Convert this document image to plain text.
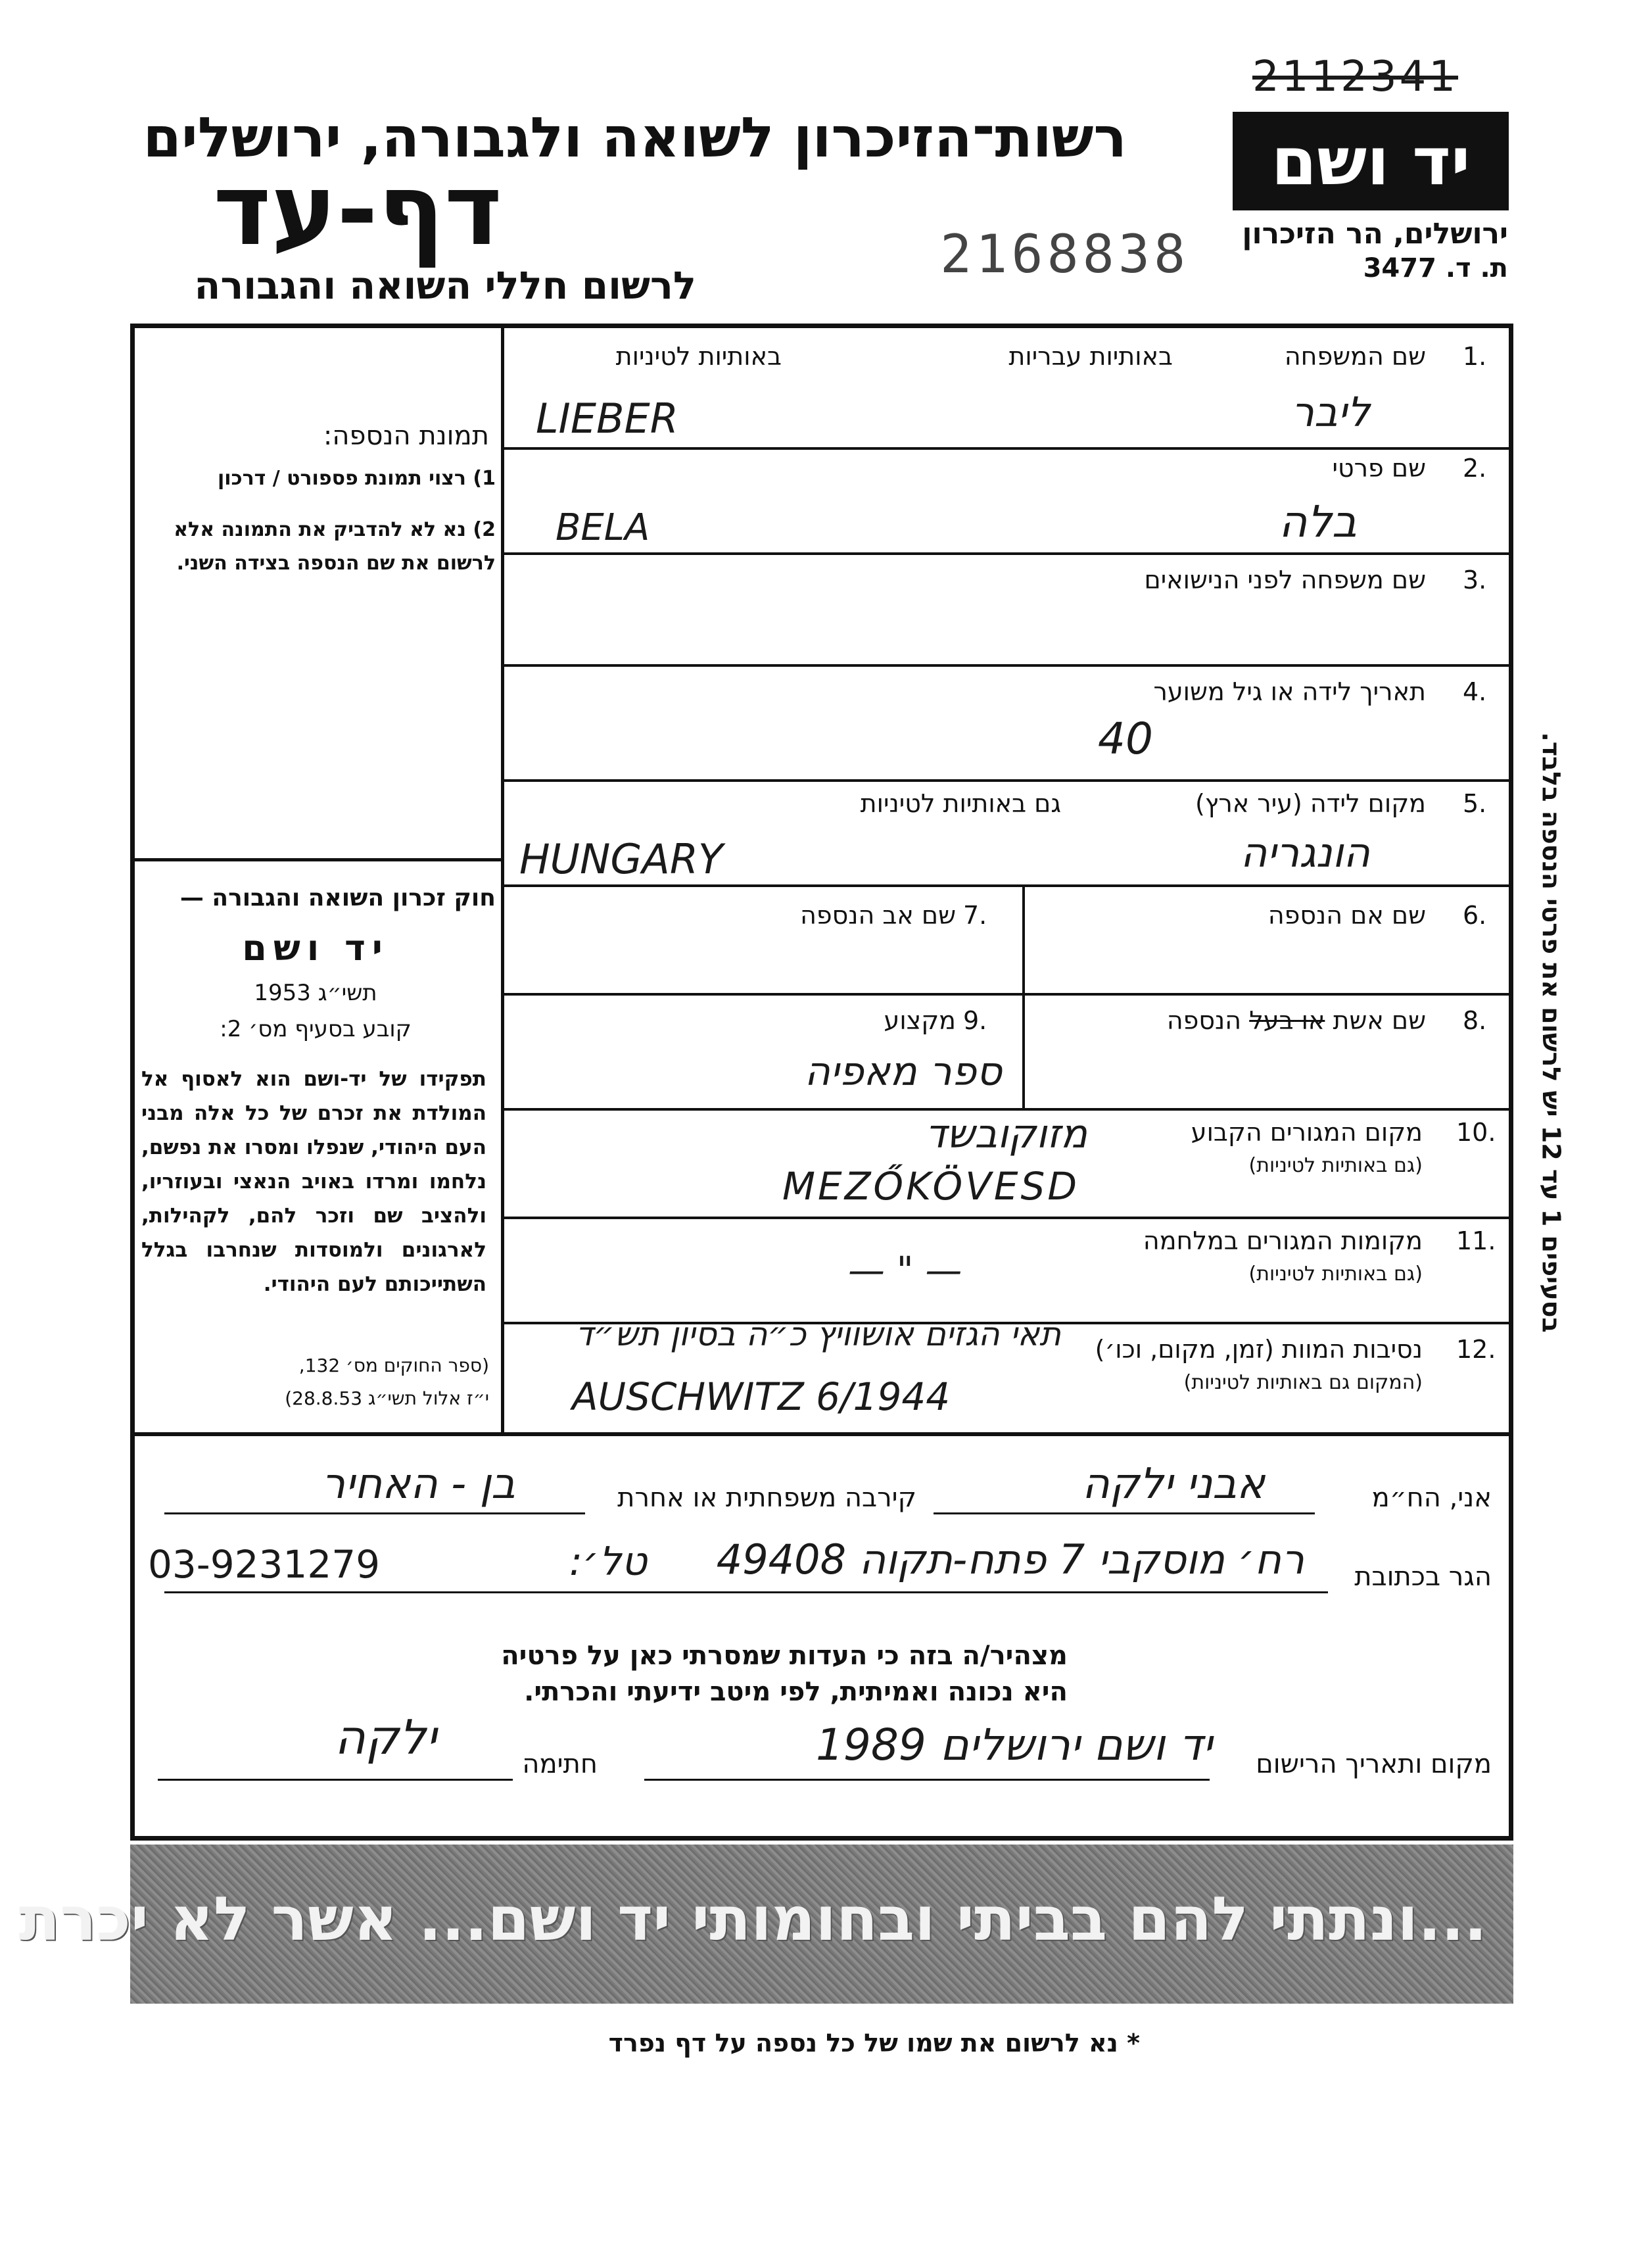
2112341
2168838
רשות־הזיכרון לשואה ולגבורה, ירושלים
דף-עד
לרשום חללי השואה והגבורה
יד ושם
ירושלים, הר הזיכרון
ת. ד. 3477
בסעיפים 1 עד 12 יש לרשום את פרטי הנספה בלבד.
תמונת הנספה:
1) רצוי תמונת פספורט / דרכון
2) נא לא להדביק את התמונה אלא לרשום את שם הנספה בצידה השני.
חוק זכרון השואה והגבורה —
יד ושם
תשי״ג 1953
קובע בסעיף מס׳ 2:
תפקידו של יד-ושם הוא לאסוף אל המולדת את זכרם של כל אלה מבני העם היהודי, שנפלו ומסרו את נפשם, נלחמו ומרדו באויב הנאצי ובעוזריו, ולהציב שם וזכר להם, לקהילות, לארגונים ולמוסדות שנחרבו בגלל השתייכותם לעם היהודי.
(ספר החוקים מס׳ 132,
י״ז אלול תשי״ג 28.8.53)
1.
שם המשפחה
באותיות עבריות
באותיות לטיניות
ליבר
LIEBER
2.
שם פרטי
בלה
BELA
3.
שם משפחה לפני הנישואים
4.
תאריך לידה או גיל משוער
40
5.
מקום לידה (עיר ארץ)
גם באותיות לטיניות
הונגריה
HUNGARY
6.
שם אם הנספה
7.
שם אב הנספה
8.
שם אשת או בעל הנספה
9.
מקצוע
ספר מאפיה
10.
מקום המגורים הקבוע
(גם באותיות לטיניות)
מזוקובשד
MEZŐKÖVESD
11.
מקומות המגורים במלחמה
(גם באותיות לטיניות)
— " —
12.
נסיבות המוות (זמן, מקום, וכו׳)
(המקום גם באותיות לטיניות)
תאי הגזים אושוויץ כ״ה בסיון תש״ד
AUSCHWITZ 6/1944
אני, הח״מ
אבני ילקה
קירבה משפחתית או אחרת
בן - האחיר
הגר בכתובת
רח׳ מוסקבי 7 פתח-תקוה 49408
טל׳:
03-9231279
מצהיר/ה בזה כי העדות שמסרתי כאן על פרטיה
היא נכונה ואמיתית, לפי מיטב ידיעתי והכרתי.
מקום ותאריך הרישום
יד ושם ירושלים 1989
חתימה
ילקה
...ונתתי להם בביתי ובחומותי יד ושם... אשר לא יכרת
* נא לרשום את שמו של כל נספה על דף נפרד
